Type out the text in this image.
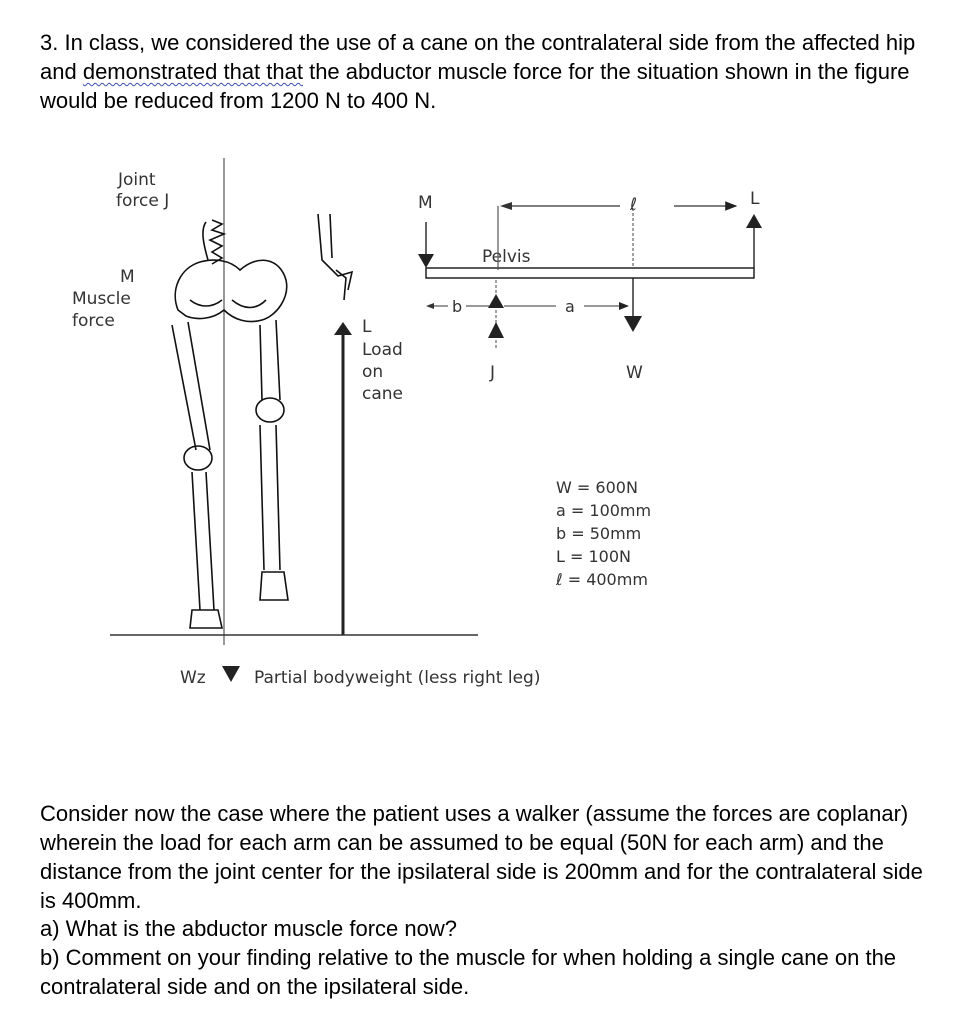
3. In class, we considered the use of a cane on the contralateral side from the affected hip and demonstrated that that the abductor muscle force for the situation shown in the figure would be reduced from 1200 N to 400 N.

Joint
force J
M
Muscle
force	L
Load
on
cane
M
Pelvis
ℓ	L
W
J
b	a
W = 600N
a = 100mm
b = 50mm
L = 100N
ℓ = 400mm
Wz	Partial bodyweight (less right leg)

Consider now the case where the patient uses a walker (assume the forces are coplanar) wherein the load for each arm can be assumed to be equal (50N for each arm) and the distance from the joint center for the ipsilateral side is 200mm and for the contralateral side is 400mm.

a) What is the abductor muscle force now?

b) Comment on your finding relative to the muscle for when holding a single cane on the contralateral side and on the ipsilateral side.
